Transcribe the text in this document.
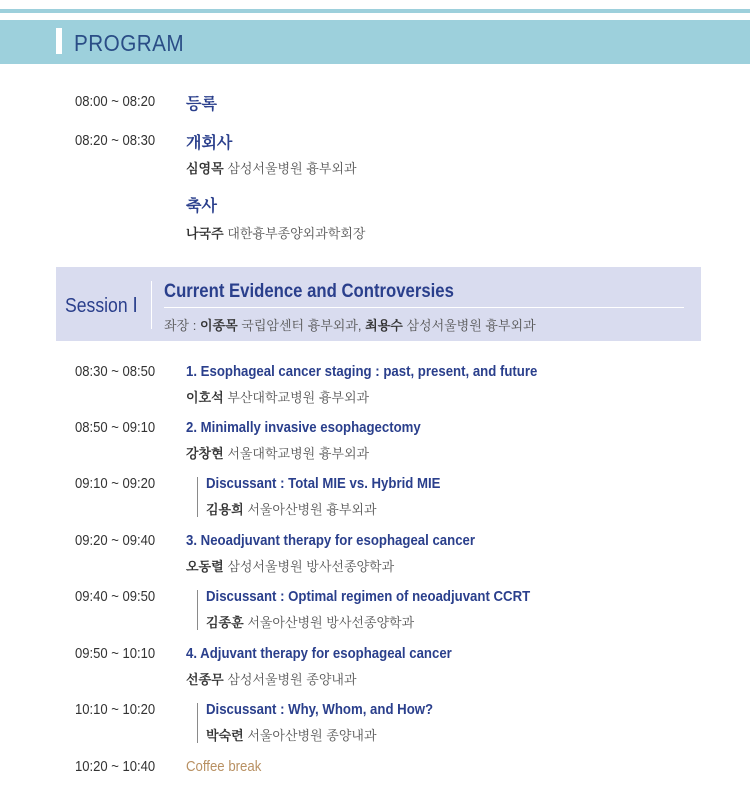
PROGRAM
08:00 ~ 08:20 등록
08:20 ~ 08:30 개회사
심영목 삼성서울병원 흉부외과
축사
나국주 대한흉부종양외과학회장
Session Ⅰ
Current Evidence and Controversies
좌장 : 이종목 국립암센터 흉부외과, 최용수 삼성서울병원 흉부외과
08:30 ~ 08:50 1. Esophageal cancer staging : past, present, and future
이호석 부산대학교병원 흉부외과
08:50 ~ 09:10 2. Minimally invasive esophagectomy
강창현 서울대학교병원 흉부외과
09:10 ~ 09:20	Discussant : Total MIE vs. Hybrid MIE
김용희 서울아산병원 흉부외과
09:20 ~ 09:40 3. Neoadjuvant therapy for esophageal cancer
오동렬 삼성서울병원 방사선종양학과
09:40 ~ 09:50	Discussant : Optimal regimen of neoadjuvant CCRT
김종훈 서울아산병원 방사선종양학과
09:50 ~ 10:10 4. Adjuvant therapy for esophageal cancer
선종무 삼성서울병원 종양내과
10:10 ~ 10:20	Discussant : Why, Whom, and How?
박숙련 서울아산병원 종양내과
10:20 ~ 10:40 Coffee break
